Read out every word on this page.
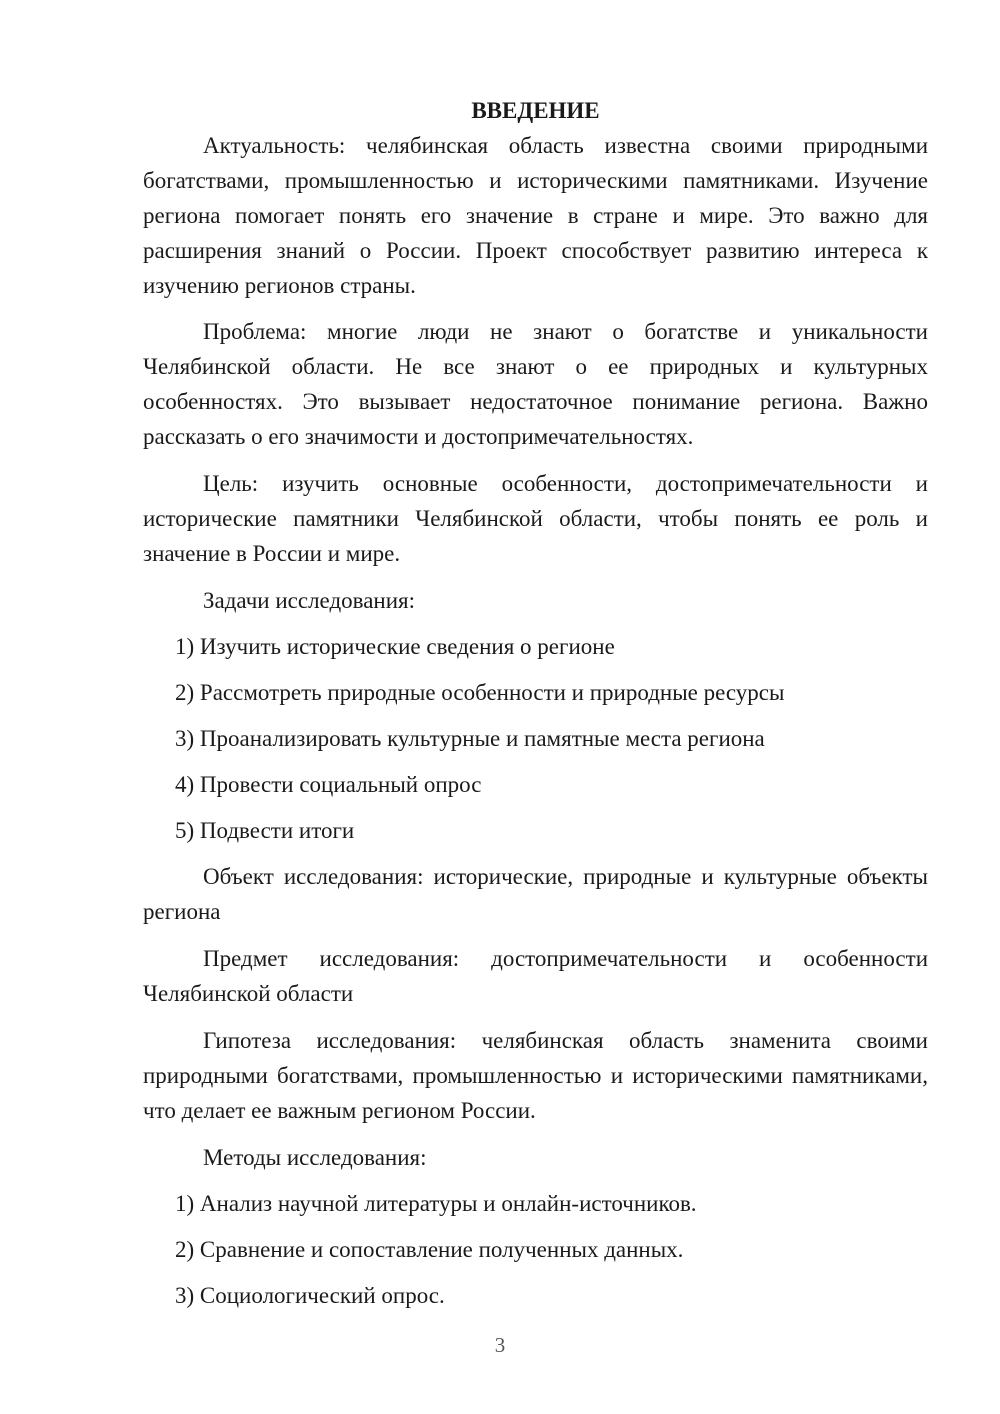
ВВЕДЕНИЕ

Актуальность: челябинская область известна своими природными богатствами, промышленностью и историческими памятниками. Изучение региона помогает понять его значение в стране и мире. Это важно для расширения знаний о России. Проект способствует развитию интереса к изучению регионов страны.

Проблема: многие люди не знают о богатстве и уникальности Челябинской области. Не все знают о ее природных и культурных особенностях. Это вызывает недостаточное понимание региона. Важно рассказать о его значимости и достопримечательностях.

Цель: изучить основные особенности, достопримечательности и исторические памятники Челябинской области, чтобы понять ее роль и значение в России и мире.

Задачи исследования:

1) Изучить исторические сведения о регионе

2) Рассмотреть природные особенности и природные ресурсы

3) Проанализировать культурные и памятные места региона

4) Провести социальный опрос

5) Подвести итоги

Объект исследования: исторические, природные и культурные объекты региона

Предмет исследования: достопримечательности и особенности Челябинской области

Гипотеза исследования: челябинская область знаменита своими природными богатствами, промышленностью и историческими памятниками, что делает ее важным регионом России.

Методы исследования:

1) Анализ научной литературы и онлайн-источников.

2) Сравнение и сопоставление полученных данных.

3) Социологический опрос.

3
